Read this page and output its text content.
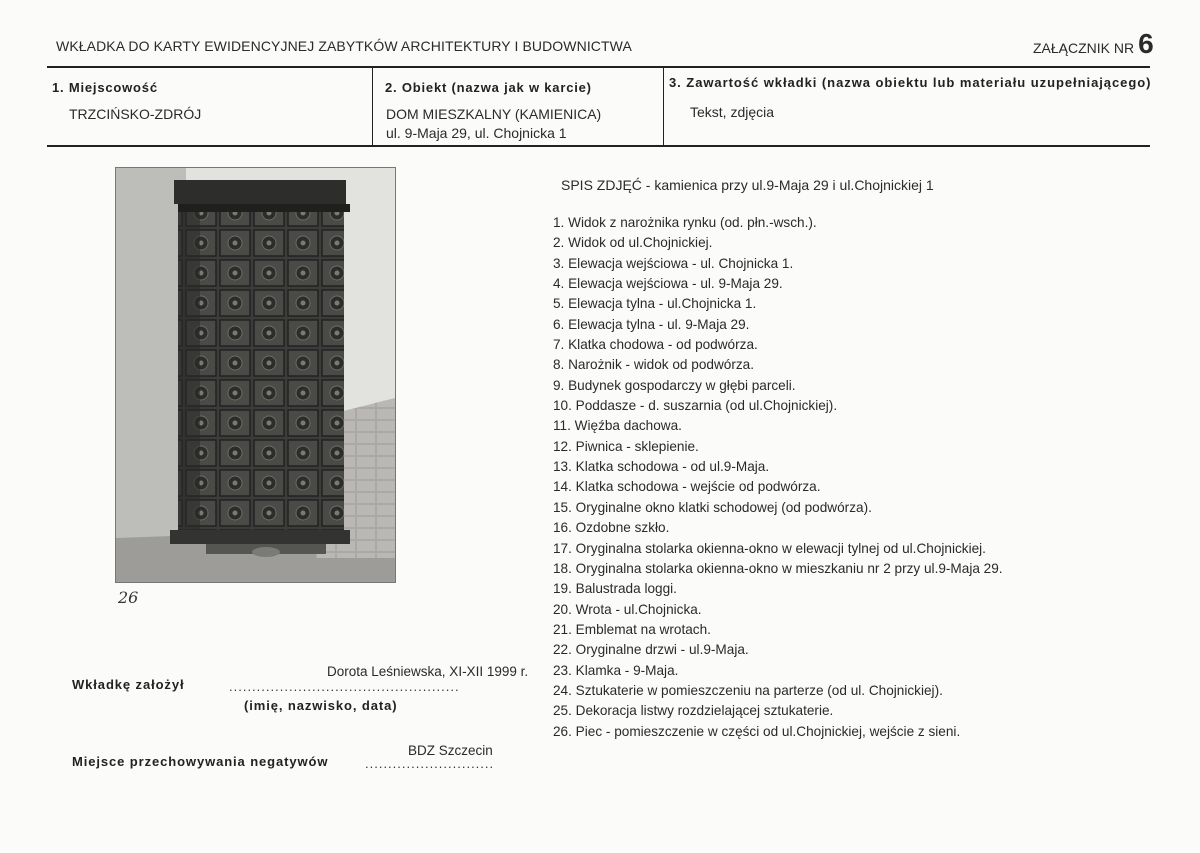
WKŁADKA DO KARTY EWIDENCYJNEJ ZABYTKÓW ARCHITEKTURY I BUDOWNICTWA	ZAŁĄCZNIK NR 6
1. Miejscowość
TRZCIŃSKO-ZDRÓJ
2. Obiekt (nazwa jak w karcie)
DOM MIESZKALNY (KAMIENICA)
ul. 9-Maja 29, ul. Chojnicka 1
3. Zawartość wkładki (nazwa obiektu lub materiału uzupełniającego)
Tekst, zdjęcia
26
SPIS ZDJĘĆ - kamienica przy ul.9-Maja 29 i ul.Chojnickiej 1
1. Widok z narożnika rynku (od. płn.-wsch.).
2. Widok od ul.Chojnickiej.
3. Elewacja wejściowa - ul. Chojnicka 1.
4. Elewacja wejściowa - ul. 9-Maja 29.
5. Elewacja tylna - ul.Chojnicka 1.
6. Elewacja tylna - ul. 9-Maja 29.
7. Klatka chodowa - od podwórza.
8. Narożnik - widok od podwórza.
9. Budynek gospodarczy w głębi parceli.
10. Poddasze - d. suszarnia (od ul.Chojnickiej).
11. Więźba dachowa.
12. Piwnica - sklepienie.
13. Klatka schodowa - od ul.9-Maja.
14. Klatka schodowa - wejście od podwórza.
15. Oryginalne okno klatki schodowej (od podwórza).
16. Ozdobne szkło.
17. Oryginalna stolarka okienna-okno w elewacji tylnej od ul.Chojnickiej.
18. Oryginalna stolarka okienna-okno w mieszkaniu nr 2 przy ul.9-Maja 29.
19. Balustrada loggi.
20. Wrota - ul.Chojnicka.
21. Emblemat na wrotach.
22. Oryginalne drzwi - ul.9-Maja.
23. Klamka - 9-Maja.
24. Sztukaterie w pomieszczeniu na parterze (od ul. Chojnickiej).
25. Dekoracja listwy rozdzielającej sztukaterie.
26. Piec - pomieszczenie w części od ul.Chojnickiej, wejście z sieni.
Dorota Leśniewska, XI-XII 1999 r.
Wkładkę założył	..................................................
(imię, nazwisko, data)
BDZ Szczecin
Miejsce przechowywania negatywów	............................
